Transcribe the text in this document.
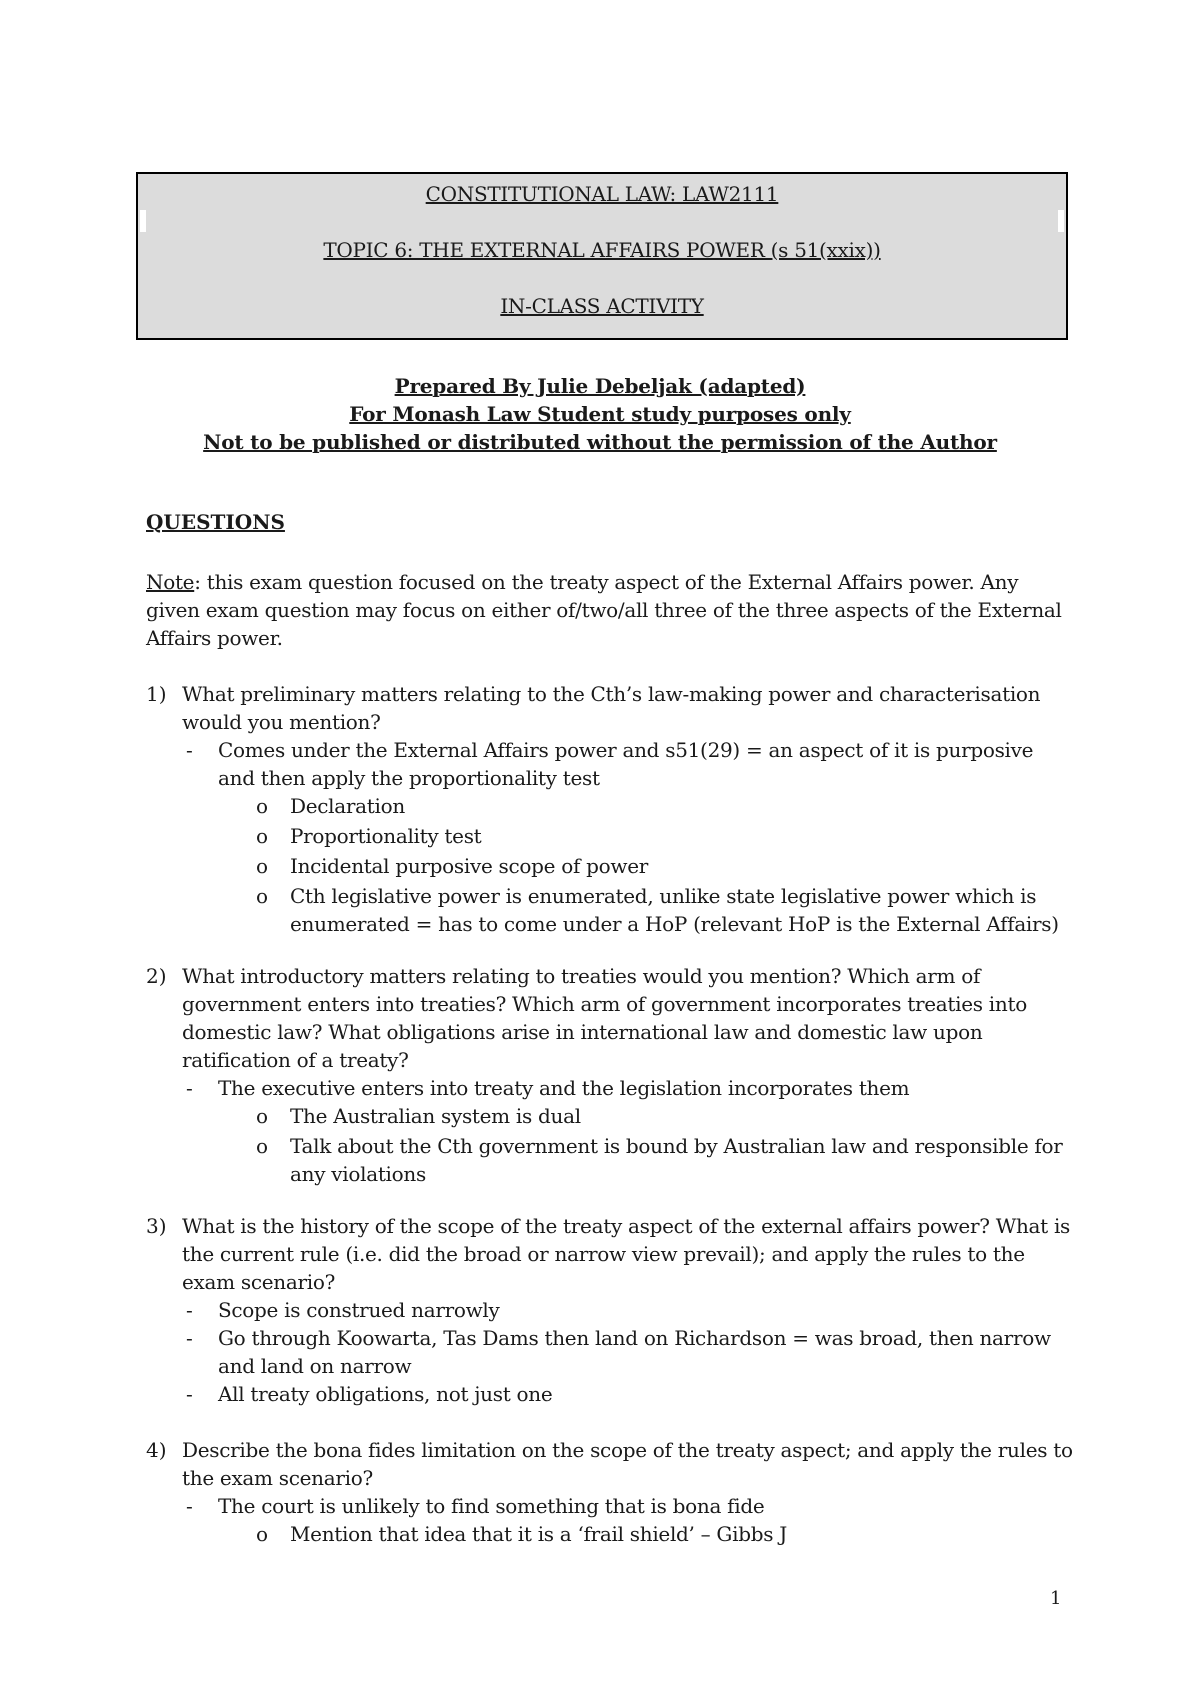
CONSTITUTIONAL LAW: LAW2111
TOPIC 6: THE EXTERNAL AFFAIRS POWER (s 51(xxix))
IN-CLASS ACTIVITY
Prepared By Julie Debeljak (adapted)
For Monash Law Student study purposes only
Not to be published or distributed without the permission of the Author
QUESTIONS
Note: this exam question focused on the treaty aspect of the External Affairs power. Any
given exam question may focus on either of/two/all three of the three aspects of the External
Affairs power.
1) What preliminary matters relating to the Cth’s law-making power and characterisation
would you mention?
- Comes under the External Affairs power and s51(29) = an aspect of it is purposive
and then apply the proportionality test
o Declaration
o Proportionality test
o Incidental purposive scope of power
o Cth legislative power is enumerated, unlike state legislative power which is
enumerated = has to come under a HoP (relevant HoP is the External Affairs)
2) What introductory matters relating to treaties would you mention? Which arm of
government enters into treaties? Which arm of government incorporates treaties into
domestic law? What obligations arise in international law and domestic law upon
ratification of a treaty?
- The executive enters into treaty and the legislation incorporates them
o The Australian system is dual
o Talk about the Cth government is bound by Australian law and responsible for
any violations
3) What is the history of the scope of the treaty aspect of the external affairs power? What is
the current rule (i.e. did the broad or narrow view prevail); and apply the rules to the
exam scenario?
- Scope is construed narrowly
- Go through Koowarta, Tas Dams then land on Richardson = was broad, then narrow
and land on narrow
- All treaty obligations, not just one
4) Describe the bona fides limitation on the scope of the treaty aspect; and apply the rules to
the exam scenario?
- The court is unlikely to find something that is bona fide
o Mention that idea that it is a ‘frail shield’ – Gibbs J
1
